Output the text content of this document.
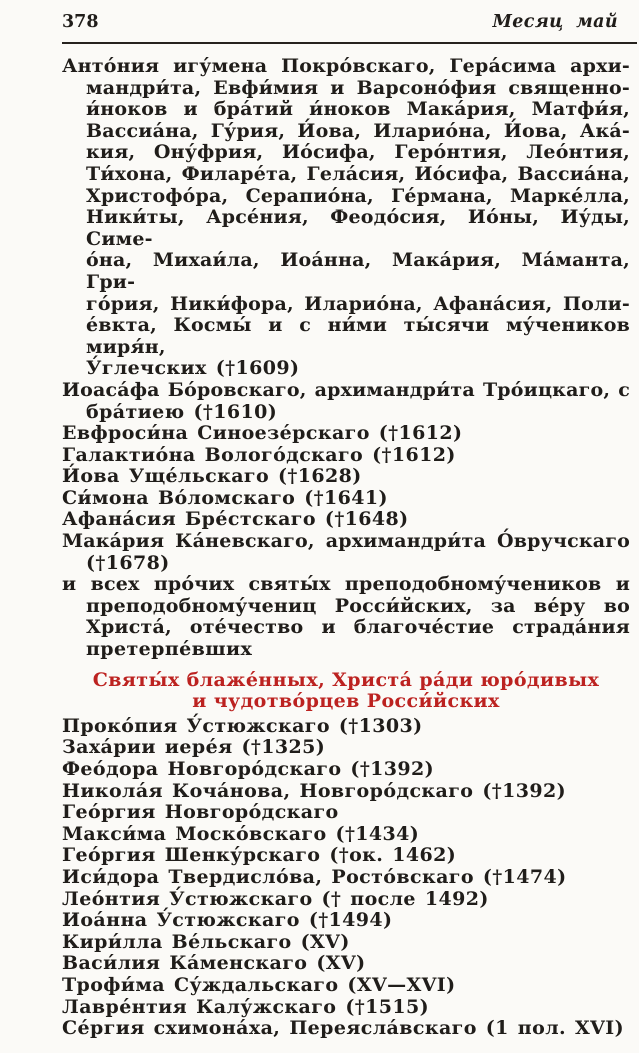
378	Месяц май
Анто́ния игу́мена Покро́вскаго, Гера́сима архи-
мандри́та, Евфи́мия и Варсоно́фия священно-
и́ноков и бра́тий и́ноков Мака́рия, Матфи́я,
Вассиа́на, Гу́рия, И́ова, Иларио́на, И́ова, Ака́-
кия, Ону́фрия, Ио́сифа, Геро́нтия, Лео́нтия,
Ти́хона, Филаре́та, Гела́сия, Ио́сифа, Вассиа́на,
Христофо́ра, Серапио́на, Ге́рмана, Марке́лла,
Ники́ты, Арсе́ния, Феодо́сия, Ио́ны, Иу́ды, Симе-
о́на, Михаи́ла, Иоа́нна, Мака́рия, Ма́манта, Гри-
го́рия, Ники́фора, Иларио́на, Афана́сия, Поли-
е́вкта, Космы́ и с ни́ми ты́сячи му́чеников миря́н,
У́глечских (†1609)
Иоаса́фа Бо́ровскаго, архимандри́та Тро́ицкаго, с
бра́тиею (†1610)
Евфроси́на Синоезе́рскаго (†1612)
Галактио́на Волого́дскаго (†1612)
И́ова Уще́льскаго (†1628)
Си́мона Во́ломскаго (†1641)
Афана́сия Бре́стскаго (†1648)
Мака́рия Ка́невскаго, архимандри́та О́вручскаго
(†1678)
и всех про́чих святы́х преподобному́чеников и
преподобному́чениц Росси́йских, за ве́ру во
Христа́, оте́чество и благоче́стие страда́ния
претерпе́вших
Святы́х блаже́нных, Христа́ ра́ди юро́дивых
и чудотво́рцев Росси́йских
Проко́пия У́стюжскаго (†1303)
Заха́рии иере́я (†1325)
Фео́дора Новгоро́дскаго (†1392)
Никола́я Коча́нова, Новгоро́дскаго (†1392)
Гео́ргия Новгоро́дскаго
Макси́ма Моско́вскаго (†1434)
Гео́ргия Шенку́рскаго (†ок. 1462)
Иси́дора Твердисло́ва, Росто́вскаго (†1474)
Лео́нтия У́стюжскаго († после 1492)
Иоа́нна У́стюжскаго (†1494)
Кири́лла Ве́льскаго (XV)
Васи́лия Ка́менскаго (XV)
Трофи́ма Су́ждальскаго (XV—XVI)
Лавре́нтия Калу́жскаго (†1515)
Се́ргия схимона́ха, Переясла́вскаго (1 пол. XVI)
